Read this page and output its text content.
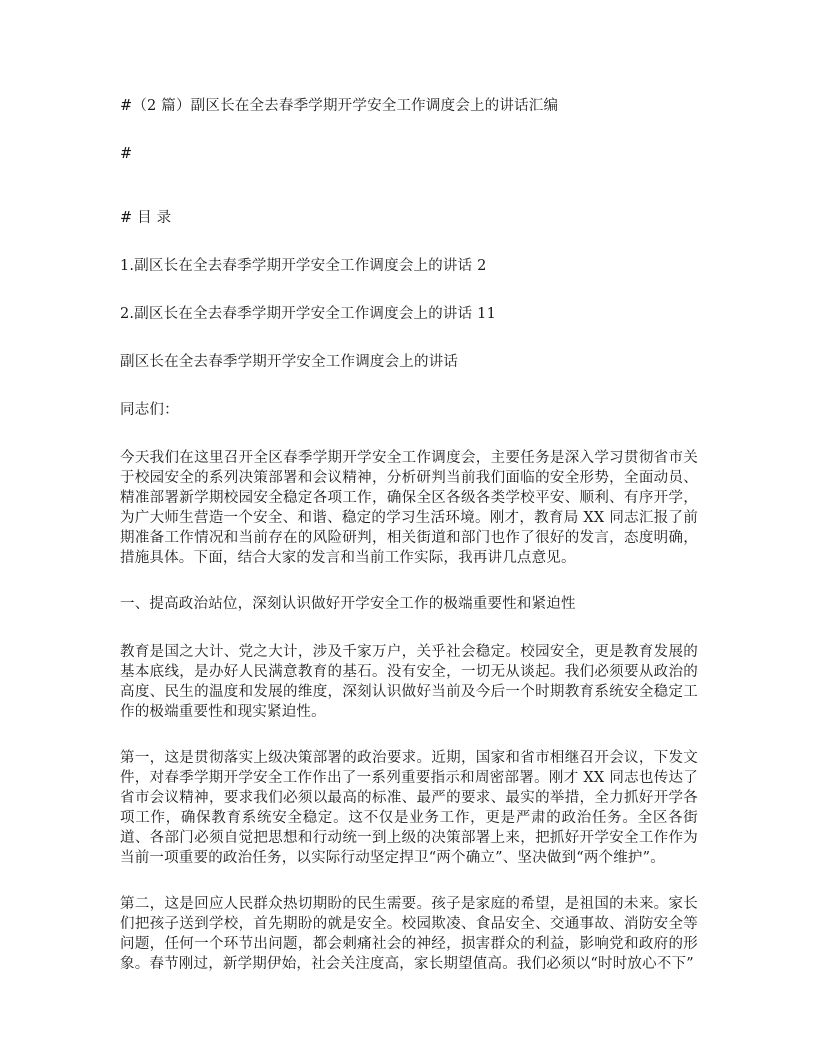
#（2 篇）副区长在全去春季学期开学安全工作调度会上的讲话汇编

#

# 目 录

1.副区长在全去春季学期开学安全工作调度会上的讲话 2

2.副区长在全去春季学期开学安全工作调度会上的讲话 11

副区长在全去春季学期开学安全工作调度会上的讲话

同志们：

今天我们在这里召开全区春季学期开学安全工作调度会，主要任务是深入学习贯彻省市关于校园安全的系列决策部署和会议精神，分析研判当前我们面临的安全形势，全面动员、精准部署新学期校园安全稳定各项工作，确保全区各级各类学校平安、顺利、有序开学，为广大师生营造一个安全、和谐、稳定的学习生活环境。刚才，教育局 XX 同志汇报了前期准备工作情况和当前存在的风险研判，相关街道和部门也作了很好的发言，态度明确，措施具体。下面，结合大家的发言和当前工作实际，我再讲几点意见。

一、提高政治站位，深刻认识做好开学安全工作的极端重要性和紧迫性

教育是国之大计、党之大计，涉及千家万户，关乎社会稳定。校园安全，更是教育发展的基本底线，是办好人民满意教育的基石。没有安全，一切无从谈起。我们必须要从政治的高度、民生的温度和发展的维度，深刻认识做好当前及今后一个时期教育系统安全稳定工作的极端重要性和现实紧迫性。

第一，这是贯彻落实上级决策部署的政治要求。近期，国家和省市相继召开会议，下发文件，对春季学期开学安全工作作出了一系列重要指示和周密部署。刚才 XX 同志也传达了省市会议精神，要求我们必须以最高的标准、最严的要求、最实的举措，全力抓好开学各项工作，确保教育系统安全稳定。这不仅是业务工作，更是严肃的政治任务。全区各街道、各部门必须自觉把思想和行动统一到上级的决策部署上来，把抓好开学安全工作作为当前一项重要的政治任务，以实际行动坚定捍卫“两个确立”、坚决做到“两个维护”。

第二，这是回应人民群众热切期盼的民生需要。孩子是家庭的希望，是祖国的未来。家长们把孩子送到学校，首先期盼的就是安全。校园欺凌、食品安全、交通事故、消防安全等问题，任何一个环节出问题，都会刺痛社会的神经，损害群众的利益，影响党和政府的形象。春节刚过，新学期伊始，社会关注度高，家长期望值高。我们必须以“时时放心不下”
